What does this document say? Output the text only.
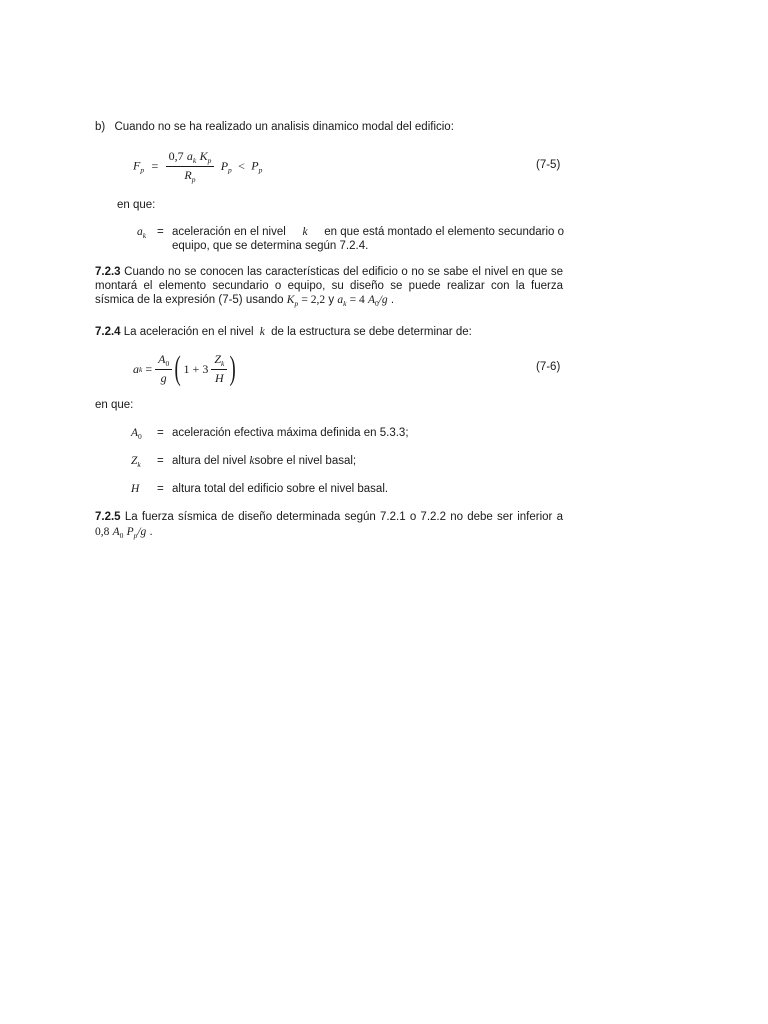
b) Cuando no se ha realizado un analisis dinamico modal del edificio:
$F_p = \frac{0,7 a_k K_p}{R_p} P_p < P_p$	(7-5)
en que:
$a_k$ = aceleración en el nivel k en que está montado el elemento secundario o
equipo, que se determina según 7.2.4.
7.2.3 Cuando no se conocen las características del edificio o no se sabe el nivel en que se
montará el elemento secundario o equipo, su diseño se puede realizar con la fuerza
sísmica de la expresión (7-5) usando $K_p = 2,2$ y $a_k = 4$ $A_0/g$ .
7.2.4 La aceleración en el nivel k de la estructura se debe determinar de:
a $k = \frac{A_0}{g}$ ( $1 + 3 \frac{Z_k}{H}$ )	(7-6)
en que:
$A_0$ = aceleración efectiva máxima definida en 5.3.3;
$Z_k$ = altura del nivel ksobre el nivel basal;
H = altura total del edificio sobre el nivel basal.
7.2.5 La fuerza sísmica de diseño determinada según 7.2.1 o 7.2.2 no debe ser inferior a
0,8 $A_0$ $P_p/g$ .
